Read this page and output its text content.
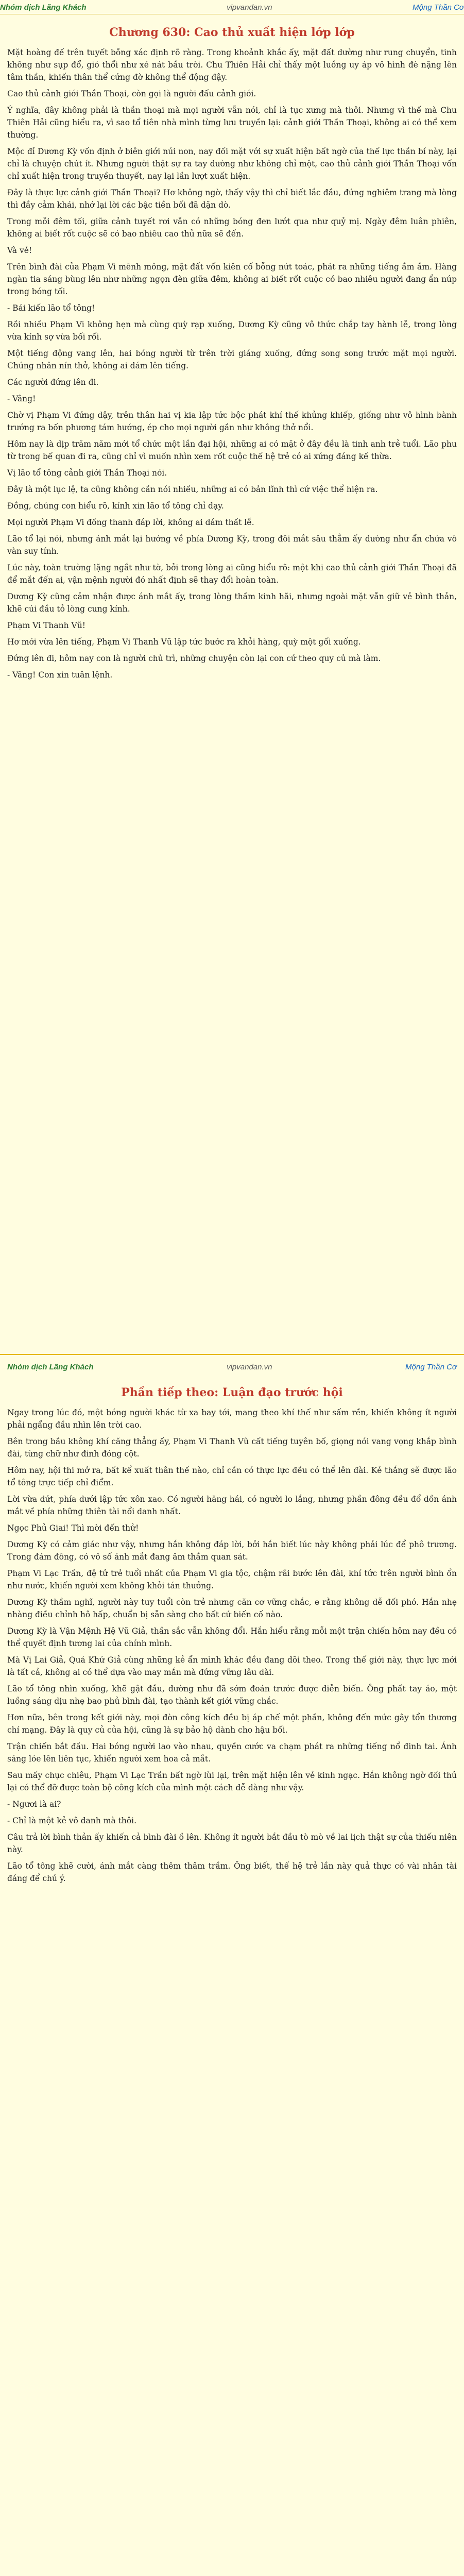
Nhóm dịch Lãng Khách	vipvandan.vn	Mộng Thần Cơ
Chương 630: Cao thủ xuất hiện lớp lớp

Mặt hoàng đế trên tuyết bỗng xác định rõ ràng. Trong khoảnh khắc ấy, mặt đất dường như rung chuyển, tinh không như sụp đổ, gió thổi như xé nát bầu trời. Chu Thiên Hải chỉ thấy một luồng uy áp vô hình đè nặng lên tâm thần, khiến thân thể cứng đờ không thể động đậy.

Cao thủ cảnh giới Thần Thoại, còn gọi là người đấu cảnh giới.

Ý nghĩa, đây không phải là thần thoại mà mọi người vẫn nói, chỉ là tục xưng mà thôi. Nhưng vì thế mà Chu Thiên Hải cũng hiểu ra, vì sao tổ tiên nhà mình từng lưu truyền lại: cảnh giới Thần Thoại, không ai có thể xem thường.

Mộc đỉ Dương Kỳ vốn định ở biên giới núi non, nay đối mặt với sự xuất hiện bất ngờ của thế lực thần bí này, lại chỉ là chuyện chút ít. Nhưng người thật sự ra tay dường như không chỉ một, cao thủ cảnh giới Thần Thoại vốn chỉ xuất hiện trong truyền thuyết, nay lại lần lượt xuất hiện.

Đây là thực lực cảnh giới Thần Thoại? Hơ không ngờ, thấy vậy thì chỉ biết lắc đầu, đứng nghiêm trang mà lòng thì đầy cảm khái, nhớ lại lời các bậc tiền bối đã dặn dò.

Trong mỗi đêm tối, giữa cảnh tuyết rơi vẫn có những bóng đen lướt qua như quỷ mị. Ngày đêm luân phiên, không ai biết rốt cuộc sẽ có bao nhiêu cao thủ nữa sẽ đến.

Và vẻ!

Trên bình đài của Phạm Vi mênh mông, mặt đất vốn kiên cố bỗng nứt toác, phát ra những tiếng ầm ầm. Hàng ngàn tia sáng bùng lên như những ngọn đèn giữa đêm, không ai biết rốt cuộc có bao nhiêu người đang ẩn núp trong bóng tối.

- Bái kiến lão tổ tông!

Rồi nhiều Phạm Vi không hẹn mà cùng quỳ rạp xuống, Dương Kỳ cũng vô thức chắp tay hành lễ, trong lòng vừa kính sợ vừa bối rối.

Một tiếng động vang lên, hai bóng người từ trên trời giáng xuống, đứng song song trước mặt mọi người. Chúng nhân nín thở, không ai dám lên tiếng.

Các người đứng lên đi.

- Vâng!

Chờ vị Phạm Vi đứng dậy, trên thân hai vị kia lập tức bộc phát khí thế khủng khiếp, giống như vô hình bành trướng ra bốn phương tám hướng, ép cho mọi người gần như không thở nổi.

Hôm nay là dịp trăm năm mới tổ chức một lần đại hội, những ai có mặt ở đây đều là tinh anh trẻ tuổi. Lão phu từ trong bế quan đi ra, cũng chỉ vì muốn nhìn xem rốt cuộc thế hệ trẻ có ai xứng đáng kế thừa.

Vị lão tổ tông cảnh giới Thần Thoại nói.

Đây là một lục lệ, ta cũng không cần nói nhiều, những ai có bản lĩnh thì cứ việc thể hiện ra.

Đồng, chúng con hiểu rõ, kính xin lão tổ tông chỉ dạy.

Mọi người Phạm Vi đồng thanh đáp lời, không ai dám thất lễ.

Lão tổ lại nói, nhưng ánh mắt lại hướng về phía Dương Kỳ, trong đôi mắt sâu thẳm ấy dường như ẩn chứa vô vàn suy tính.

Lúc này, toàn trường lặng ngắt như tờ, bởi trong lòng ai cũng hiểu rõ: một khi cao thủ cảnh giới Thần Thoại đã để mắt đến ai, vận mệnh người đó nhất định sẽ thay đổi hoàn toàn.

Dương Kỳ cũng cảm nhận được ánh mắt ấy, trong lòng thầm kinh hãi, nhưng ngoài mặt vẫn giữ vẻ bình thản, khẽ cúi đầu tỏ lòng cung kính.

Phạm Vi Thanh Vũ!

Hơ mới vừa lên tiếng, Phạm Vi Thanh Vũ lập tức bước ra khỏi hàng, quỳ một gối xuống.

Đứng lên đi, hôm nay con là người chủ trì, những chuyện còn lại con cứ theo quy củ mà làm.

- Vâng! Con xin tuân lệnh.

Nhóm dịch Lãng Khách	vipvandan.vn	Mộng Thần Cơ
Phần tiếp theo: Luận đạo trước hội

Ngay trong lúc đó, một bóng người khác từ xa bay tới, mang theo khí thế như sấm rền, khiến không ít người phải ngẩng đầu nhìn lên trời cao.

Bên trong bầu không khí căng thẳng ấy, Phạm Vi Thanh Vũ cất tiếng tuyên bố, giọng nói vang vọng khắp bình đài, từng chữ như đinh đóng cột.

Hôm nay, hội thi mở ra, bất kể xuất thân thế nào, chỉ cần có thực lực đều có thể lên đài. Kẻ thắng sẽ được lão tổ tông trực tiếp chỉ điểm.

Lời vừa dứt, phía dưới lập tức xôn xao. Có người hăng hái, có người lo lắng, nhưng phần đông đều đổ dồn ánh mắt về phía những thiên tài nổi danh nhất.

Ngọc Phủ Giai! Thì mời đến thử!

Dương Kỳ có cảm giác như vậy, nhưng hắn không đáp lời, bởi hắn biết lúc này không phải lúc để phô trương. Trong đám đông, có vô số ánh mắt đang âm thầm quan sát.

Phạm Vi Lạc Trần, đệ tử trẻ tuổi nhất của Phạm Vi gia tộc, chậm rãi bước lên đài, khí tức trên người bình ổn như nước, khiến người xem không khỏi tán thưởng.

Dương Kỳ thầm nghĩ, người này tuy tuổi còn trẻ nhưng căn cơ vững chắc, e rằng không dễ đối phó. Hắn nhẹ nhàng điều chỉnh hô hấp, chuẩn bị sẵn sàng cho bất cứ biến cố nào.

Dương Kỳ là Vận Mệnh Hệ Vũ Giả, thần sắc vẫn không đổi. Hắn hiểu rằng mỗi một trận chiến hôm nay đều có thể quyết định tương lai của chính mình.

Mà Vị Lai Giả, Quá Khứ Giả cùng những kẻ ẩn mình khác đều đang dõi theo. Trong thế giới này, thực lực mới là tất cả, không ai có thể dựa vào may mắn mà đứng vững lâu dài.

Lão tổ tông nhìn xuống, khẽ gật đầu, dường như đã sớm đoán trước được diễn biến. Ông phất tay áo, một luồng sáng dịu nhẹ bao phủ bình đài, tạo thành kết giới vững chắc.

Hơn nữa, bên trong kết giới này, mọi đòn công kích đều bị áp chế một phần, không đến mức gây tổn thương chí mạng. Đây là quy củ của hội, cũng là sự bảo hộ dành cho hậu bối.

Trận chiến bắt đầu. Hai bóng người lao vào nhau, quyền cước va chạm phát ra những tiếng nổ đinh tai. Ánh sáng lóe lên liên tục, khiến người xem hoa cả mắt.

Sau mấy chục chiêu, Phạm Vi Lạc Trần bất ngờ lùi lại, trên mặt hiện lên vẻ kinh ngạc. Hắn không ngờ đối thủ lại có thể đỡ được toàn bộ công kích của mình một cách dễ dàng như vậy.

- Ngươi là ai?

- Chỉ là một kẻ vô danh mà thôi.

Câu trả lời bình thản ấy khiến cả bình đài ồ lên. Không ít người bắt đầu tò mò về lai lịch thật sự của thiếu niên này.

Lão tổ tông khẽ cười, ánh mắt càng thêm thâm trầm. Ông biết, thế hệ trẻ lần này quả thực có vài nhân tài đáng để chú ý.
